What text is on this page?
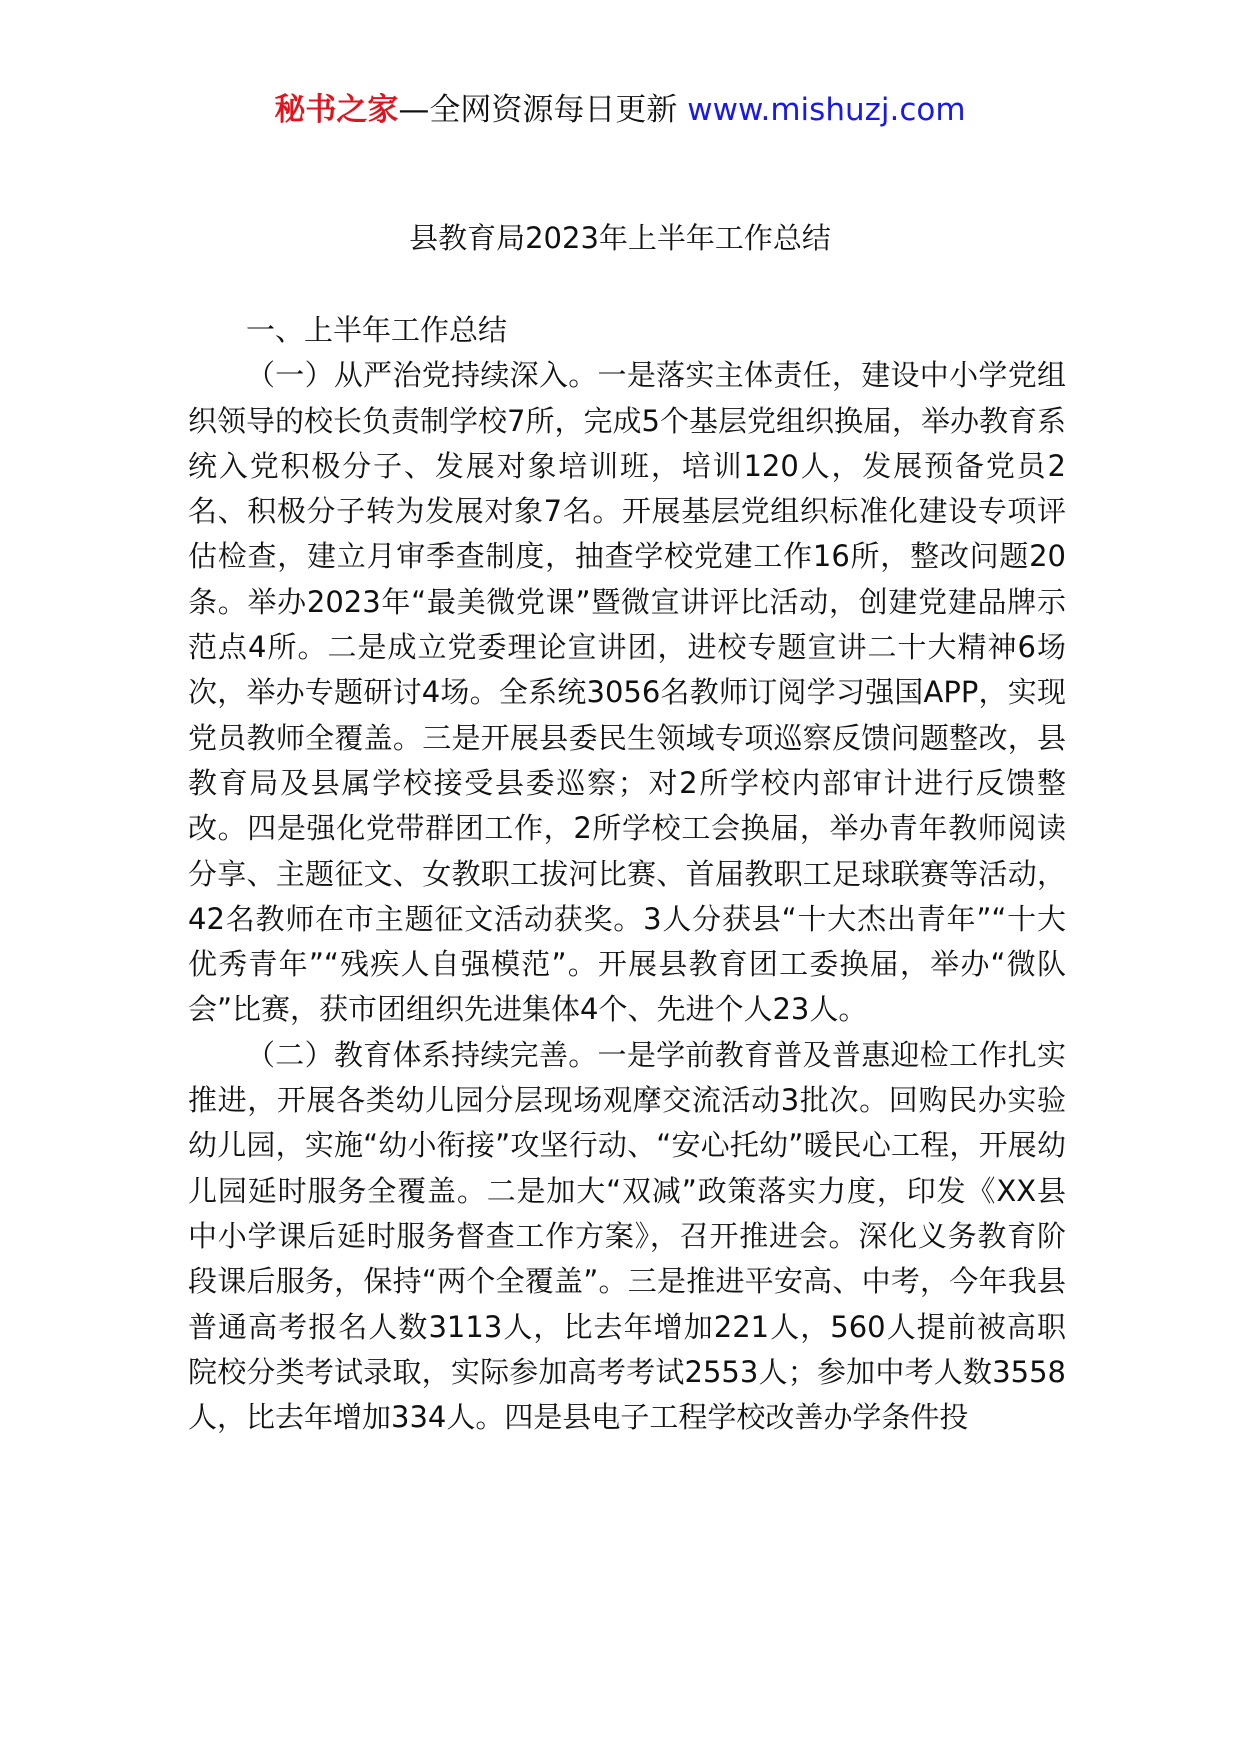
秘书之家—全网资源每日更新 www.mishuzj.com
县教育局2023年上半年工作总结

一、上半年工作总结

（一）从严治党持续深入。一是落实主体责任，建设中小学党组织领导的校长负责制学校7所，完成5个基层党组织换届，举办教育系统入党积极分子、发展对象培训班，培训120人，发展预备党员2名、积极分子转为发展对象7名。开展基层党组织标准化建设专项评估检查，建立月审季查制度，抽查学校党建工作16所，整改问题20条。举办2023年“最美微党课”暨微宣讲评比活动，创建党建品牌示范点4所。二是成立党委理论宣讲团，进校专题宣讲二十大精神6场次，举办专题研讨4场。全系统3056名教师订阅学习强国APP，实现党员教师全覆盖。三是开展县委民生领域专项巡察反馈问题整改，县教育局及县属学校接受县委巡察；对2所学校内部审计进行反馈整改。四是强化党带群团工作，2所学校工会换届，举办青年教师阅读分享、主题征文、女教职工拔河比赛、首届教职工足球联赛等活动，42名教师在市主题征文活动获奖。3人分获县“十大杰出青年”“十大优秀青年”“残疾人自强模范”。开展县教育团工委换届，举办“微队会”比赛，获市团组织先进集体4个、先进个人23人。

（二）教育体系持续完善。一是学前教育普及普惠迎检工作扎实推进，开展各类幼儿园分层现场观摩交流活动3批次。回购民办实验幼儿园，实施“幼小衔接”攻坚行动、“安心托幼”暖民心工程，开展幼儿园延时服务全覆盖。二是加大“双减”政策落实力度，印发《XX县中小学课后延时服务督查工作方案》，召开推进会。深化义务教育阶段课后服务，保持“两个全覆盖”。三是推进平安高、中考，今年我县普通高考报名人数3113人，比去年增加221人，560人提前被高职院校分类考试录取，实际参加高考考试2553人；参加中考人数3558人，比去年增加334人。四是县电子工程学校改善办学条件投
